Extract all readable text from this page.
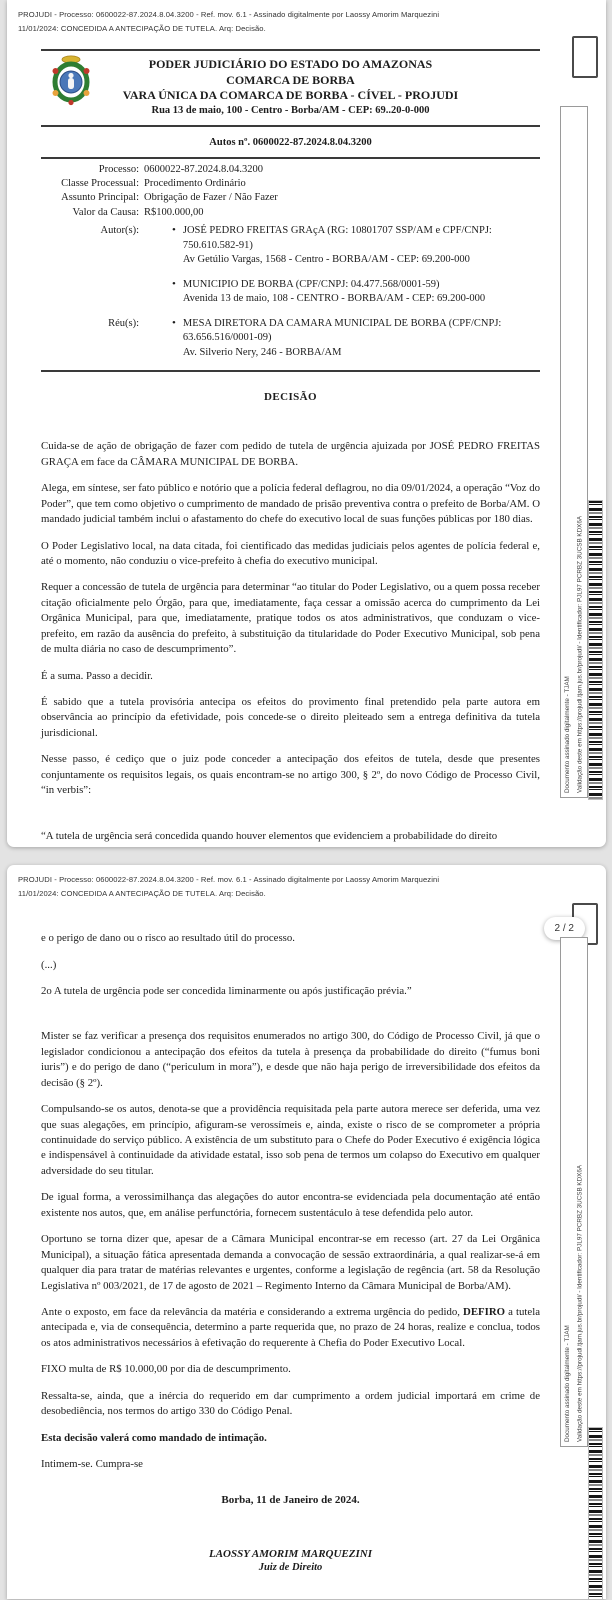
PROJUDI - Processo: 0600022-87.2024.8.04.3200 - Ref. mov. 6.1 - Assinado digitalmente por Laossy Amorim Marquezini
11/01/2024: CONCEDIDA A ANTECIPAÇÃO DE TUTELA. Arq: Decisão.
PODER JUDICIÁRIO DO ESTADO DO AMAZONAS
COMARCA DE BORBA
VARA ÚNICA DA COMARCA DE BORBA - CÍVEL - PROJUDI
Rua 13 de maio, 100 - Centro - Borba/AM - CEP: 69..20-0-000
Autos nº. 0600022-87.2024.8.04.3200
Processo: 0600022-87.2024.8.04.3200
Classe Processual: Procedimento Ordinário
Assunto Principal: Obrigação de Fazer / Não Fazer
Valor da Causa: R$100.000,00
Autor(s):	• JOSÉ PEDRO FREITAS GRAçA (RG: 10801707 SSP/AM e CPF/CNPJ: 750.610.582-91)
Av Getúlio Vargas, 1568 - Centro - BORBA/AM - CEP: 69.200-000
• MUNICIPIO DE BORBA (CPF/CNPJ: 04.477.568/0001-59)
Avenida 13 de maio, 108 - CENTRO - BORBA/AM - CEP: 69.200-000
Réu(s):	• MESA DIRETORA DA CAMARA MUNICIPAL DE BORBA (CPF/CNPJ: 63.656.516/0001-09)
Av. Silverio Nery, 246 - BORBA/AM
DECISÃO

Cuida-se de ação de obrigação de fazer com pedido de tutela de urgência ajuizada por JOSÉ PEDRO FREITAS GRAÇA em face da CÂMARA MUNICIPAL DE BORBA.

Alega, em síntese, ser fato público e notório que a polícia federal deflagrou, no dia 09/01/2024, a operação “Voz do Poder”, que tem como objetivo o cumprimento de mandado de prisão preventiva contra o prefeito de Borba/AM. O mandado judicial também inclui o afastamento do chefe do executivo local de suas funções públicas por 180 dias.

O Poder Legislativo local, na data citada, foi cientificado das medidas judiciais pelos agentes de polícia federal e, até o momento, não conduziu o vice-prefeito à chefia do executivo municipal.

Requer a concessão de tutela de urgência para determinar “ao titular do Poder Legislativo, ou a quem possa receber citação oficialmente pelo Órgão, para que, imediatamente, faça cessar a omissão acerca do cumprimento da Lei Orgânica Municipal, para que, imediatamente, pratique todos os atos administrativos, que conduzam o vice-prefeito, em razão da ausência do prefeito, à substituição da titularidade do Poder Executivo Municipal, sob pena de multa diária no caso de descumprimento”.

É a suma. Passo a decidir.

É sabido que a tutela provisória antecipa os efeitos do provimento final pretendido pela parte autora em observância ao princípio da efetividade, pois concede-se o direito pleiteado sem a entrega definitiva da tutela jurisdicional.

Nesse passo, é cediço que o juiz pode conceder a antecipação dos efeitos de tutela, desde que presentes conjuntamente os requisitos legais, os quais encontram-se no artigo 300, § 2º, do novo Código de Processo Civil, “in verbis”:

“A tutela de urgência será concedida quando houver elementos que evidenciem a probabilidade do direito

Documento assinado digitalmente - TJAM Validação deste em https://projudi.tjam.jus.br/projudi/ - Identificador: PJL97 PCRBZ 3UCSB KDX6A
PROJUDI - Processo: 0600022-87.2024.8.04.3200 - Ref. mov. 6.1 - Assinado digitalmente por Laossy Amorim Marquezini
11/01/2024: CONCEDIDA A ANTECIPAÇÃO DE TUTELA. Arq: Decisão.
2 / 2

e o perigo de dano ou o risco ao resultado útil do processo.

(...)

2o A tutela de urgência pode ser concedida liminarmente ou após justificação prévia.”

Mister se faz verificar a presença dos requisitos enumerados no artigo 300, do Código de Processo Civil, já que o legislador condicionou a antecipação dos efeitos da tutela à presença da probabilidade do direito (“fumus boni iuris”) e do perigo de dano (“periculum in mora”), e desde que não haja perigo de irreversibilidade dos efeitos da decisão (§ 2º).

Compulsando-se os autos, denota-se que a providência requisitada pela parte autora merece ser deferida, uma vez que suas alegações, em princípio, afiguram-se verossímeis e, ainda, existe o risco de se comprometer a própria continuidade do serviço público. A existência de um substituto para o Chefe do Poder Executivo é exigência lógica e indispensável à continuidade da atividade estatal, isso sob pena de termos um colapso do Executivo em qualquer adversidade do seu titular.

De igual forma, a verossimilhança das alegações do autor encontra-se evidenciada pela documentação até então existente nos autos, que, em análise perfunctória, fornecem sustentáculo à tese defendida pelo autor.

Oportuno se torna dizer que, apesar de a Câmara Municipal encontrar-se em recesso (art. 27 da Lei Orgânica Municipal), a situação fática apresentada demanda a convocação de sessão extraordinária, a qual realizar-se-á em qualquer dia para tratar de matérias relevantes e urgentes, conforme a legislação de regência (art. 58 da Resolução Legislativa nº 003/2021, de 17 de agosto de 2021 – Regimento Interno da Câmara Municipal de Borba/AM).

Ante o exposto, em face da relevância da matéria e considerando a extrema urgência do pedido, DEFIRO a tutela antecipada e, via de consequência, determino a parte requerida que, no prazo de 24 horas, realize e conclua, todos os atos administrativos necessários à efetivação do requerente à Chefia do Poder Executivo Local.

FIXO multa de R$ 10.000,00 por dia de descumprimento.

Ressalta-se, ainda, que a inércia do requerido em dar cumprimento a ordem judicial importará em crime de desobediência, nos termos do artigo 330 do Código Penal.

Esta decisão valerá como mandado de intimação.

Intimem-se. Cumpra-se

Borba, 11 de Janeiro de 2024.
LAOSSY AMORIM MARQUEZINI
Juiz de Direito
Documento assinado digitalmente - TJAM Validação deste em https://projudi.tjam.jus.br/projudi/ - Identificador: PJL97 PCRBZ 3UCSB KDX6A
